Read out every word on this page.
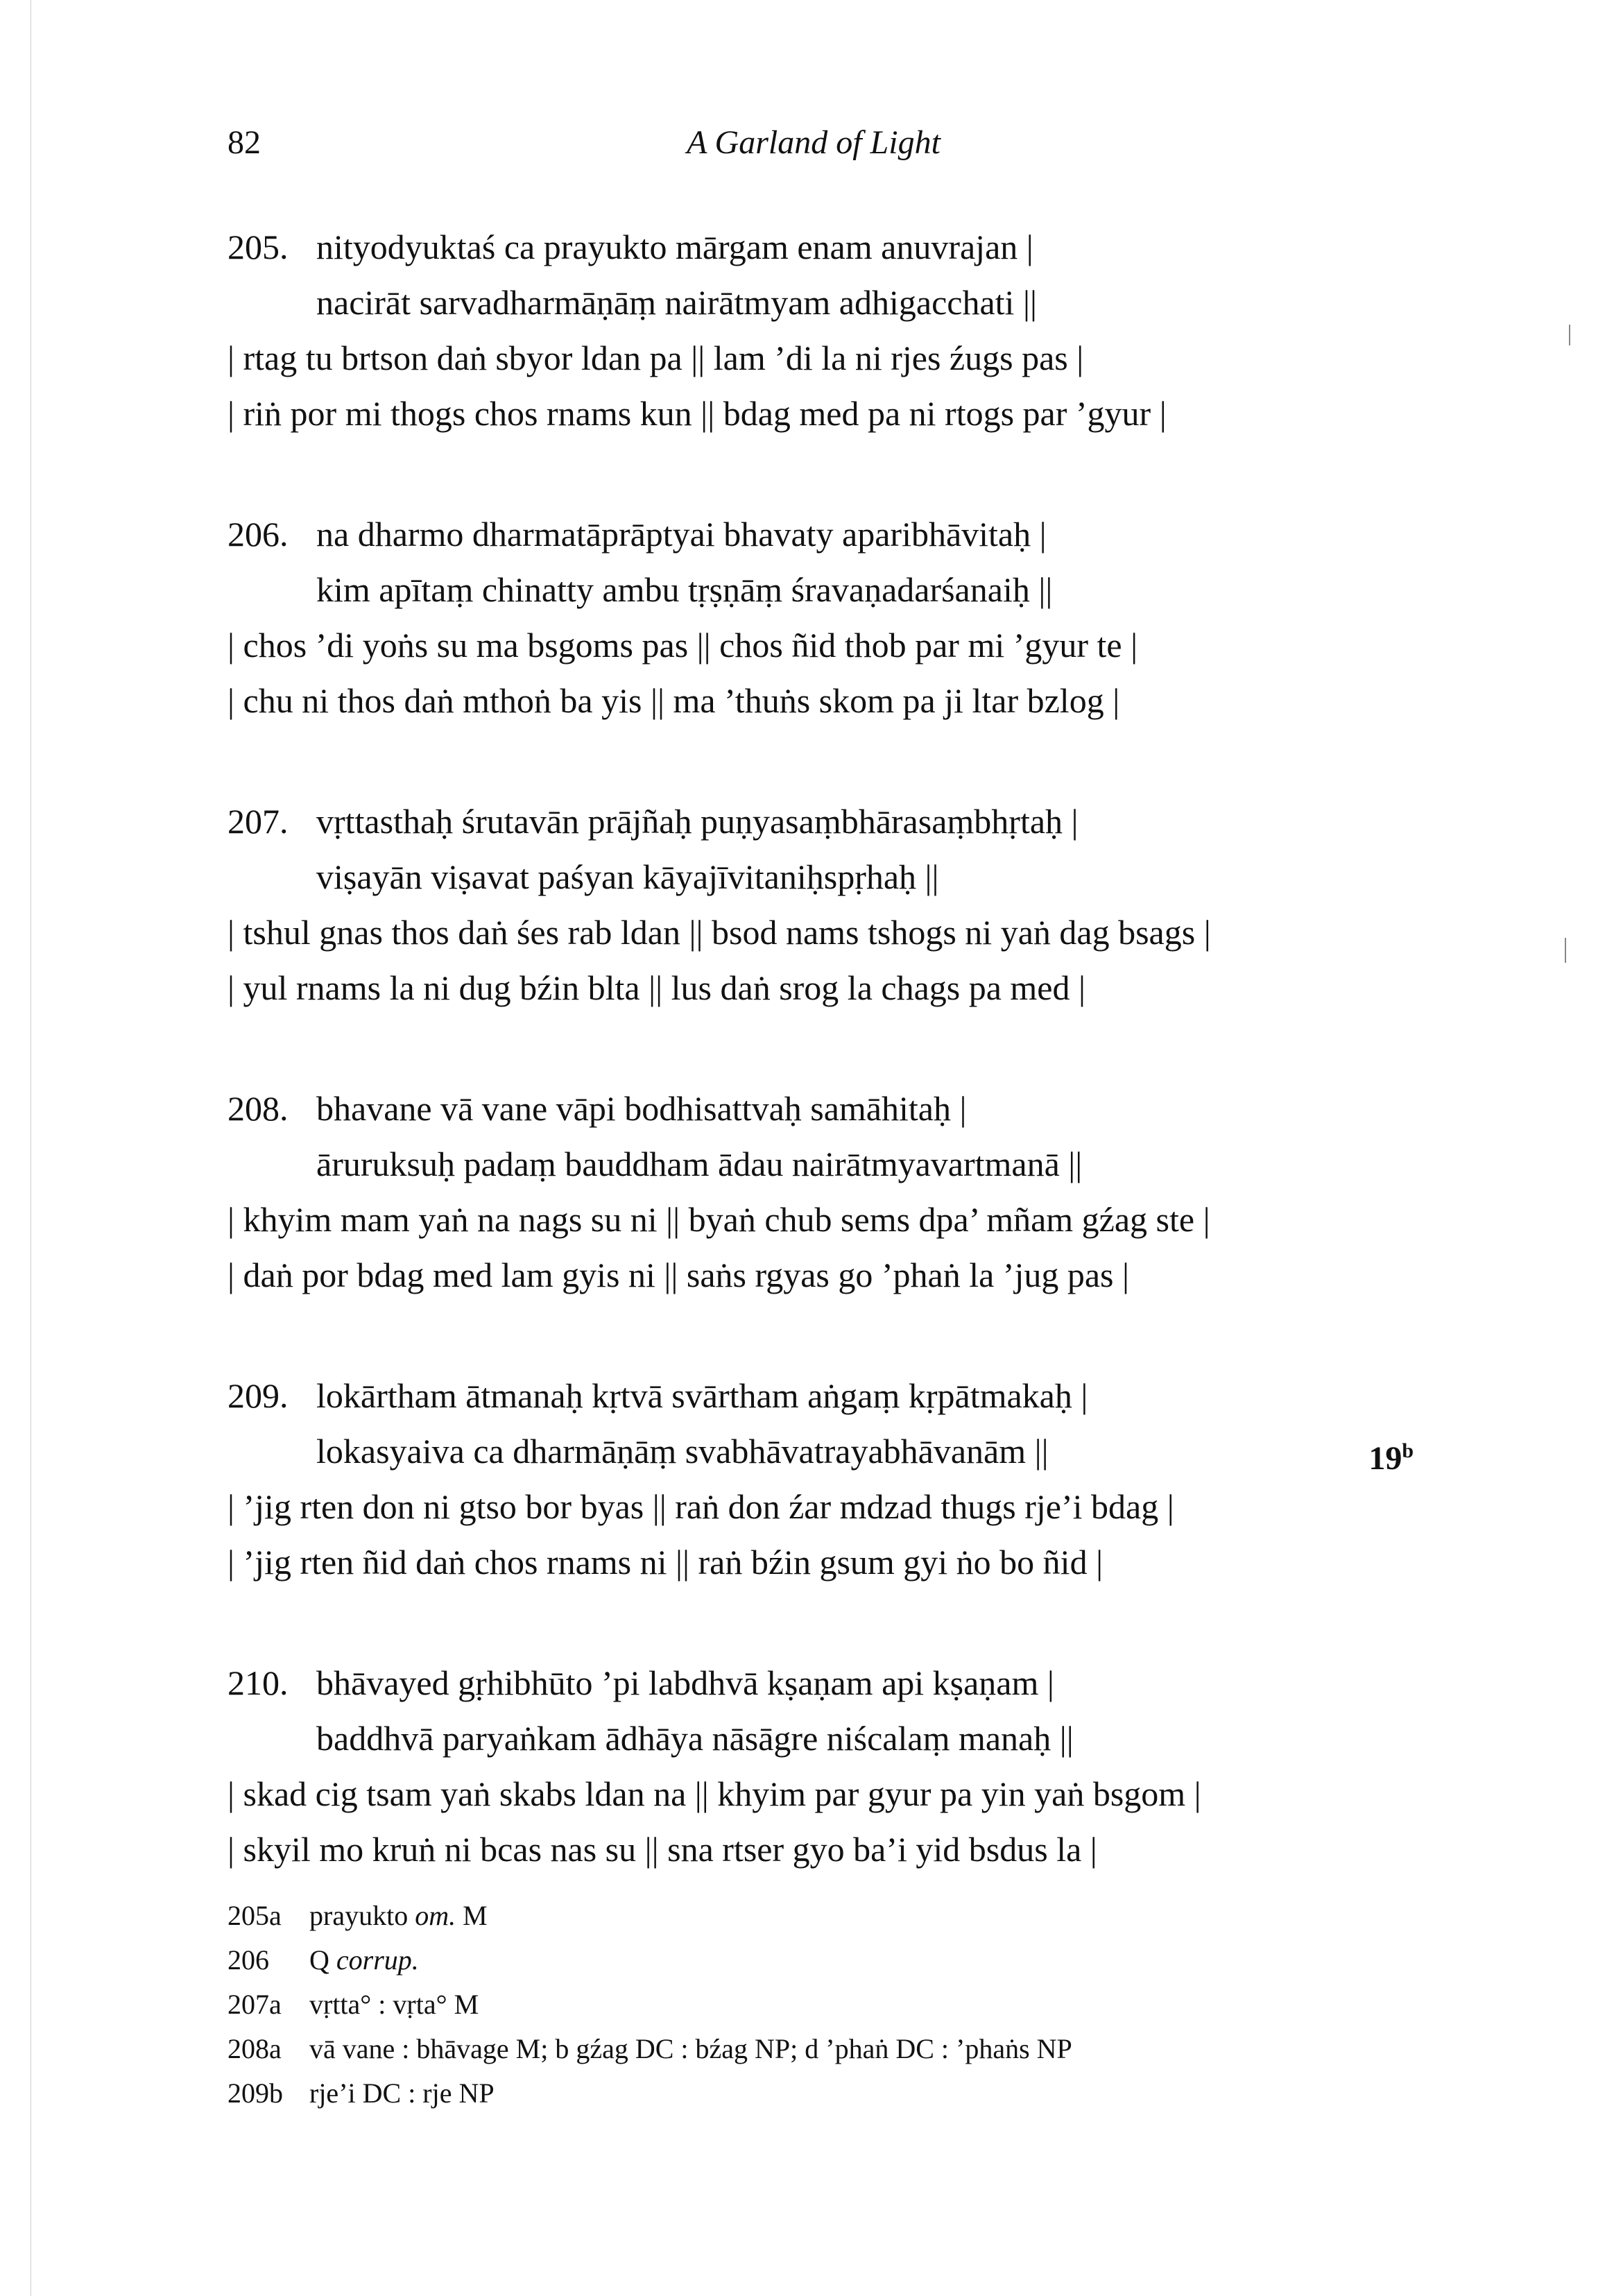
82	A Garland of Light
205. nityodyuktaś ca prayukto mārgam enam anuvrajan |
nacirāt sarvadharmāṇāṃ nairātmyam adhigacchati ||
| rtag tu brtson daṅ sbyor ldan pa || lam ’di la ni rjes źugs pas |
| riṅ por mi thogs chos rnams kun || bdag med pa ni rtogs par ’gyur |
206. na dharmo dharmatāprāptyai bhavaty aparibhāvitaḥ |
kim apītaṃ chinatty ambu tṛṣṇāṃ śravaṇadarśanaiḥ ||
| chos ’di yoṅs su ma bsgoms pas || chos ñid thob par mi ’gyur te |
| chu ni thos daṅ mthoṅ ba yis || ma ’thuṅs skom pa ji ltar bzlog |
207. vṛttasthaḥ śrutavān prājñaḥ puṇyasaṃbhārasaṃbhṛtaḥ |
viṣayān viṣavat paśyan kāyajīvitaniḥspṛhaḥ ||
| tshul gnas thos daṅ śes rab ldan || bsod nams tshogs ni yaṅ dag bsags |
| yul rnams la ni dug bźin blta || lus daṅ srog la chags pa med |
208. bhavane vā vane vāpi bodhisattvaḥ samāhitaḥ |
āruruksuḥ padaṃ bauddham ādau nairātmyavartmanā ||
| khyim mam yaṅ na nags su ni || byaṅ chub sems dpa’ mñam gźag ste |
| daṅ por bdag med lam gyis ni || saṅs rgyas go ’phaṅ la ’jug pas |
209. lokārtham ātmanaḥ kṛtvā svārtham aṅgaṃ kṛpātmakaḥ |
lokasyaiva ca dharmāṇāṃ svabhāvatrayabhāvanām ||	19$^b$
| ’jig rten don ni gtso bor byas || raṅ don źar mdzad thugs rje’i bdag |
| ’jig rten ñid daṅ chos rnams ni || raṅ bźin gsum gyi ṅo bo ñid |
210. bhāvayed gṛhibhūto ’pi labdhvā kṣaṇam api kṣaṇam |
baddhvā paryaṅkam ādhāya nāsāgre niścalaṃ manaḥ ||
| skad cig tsam yaṅ skabs ldan na || khyim par gyur pa yin yaṅ bsgom |
| skyil mo kruṅ ni bcas nas su || sna rtser gyo ba’i yid bsdus la |
205a prayukto om. M
206 Q corrup.
207a vṛtta° : vṛta° M
208a vā vane : bhāvage M; b gźag DC : bźag NP; d ’phaṅ DC : ’phaṅs NP
209b rje’i DC : rje NP
